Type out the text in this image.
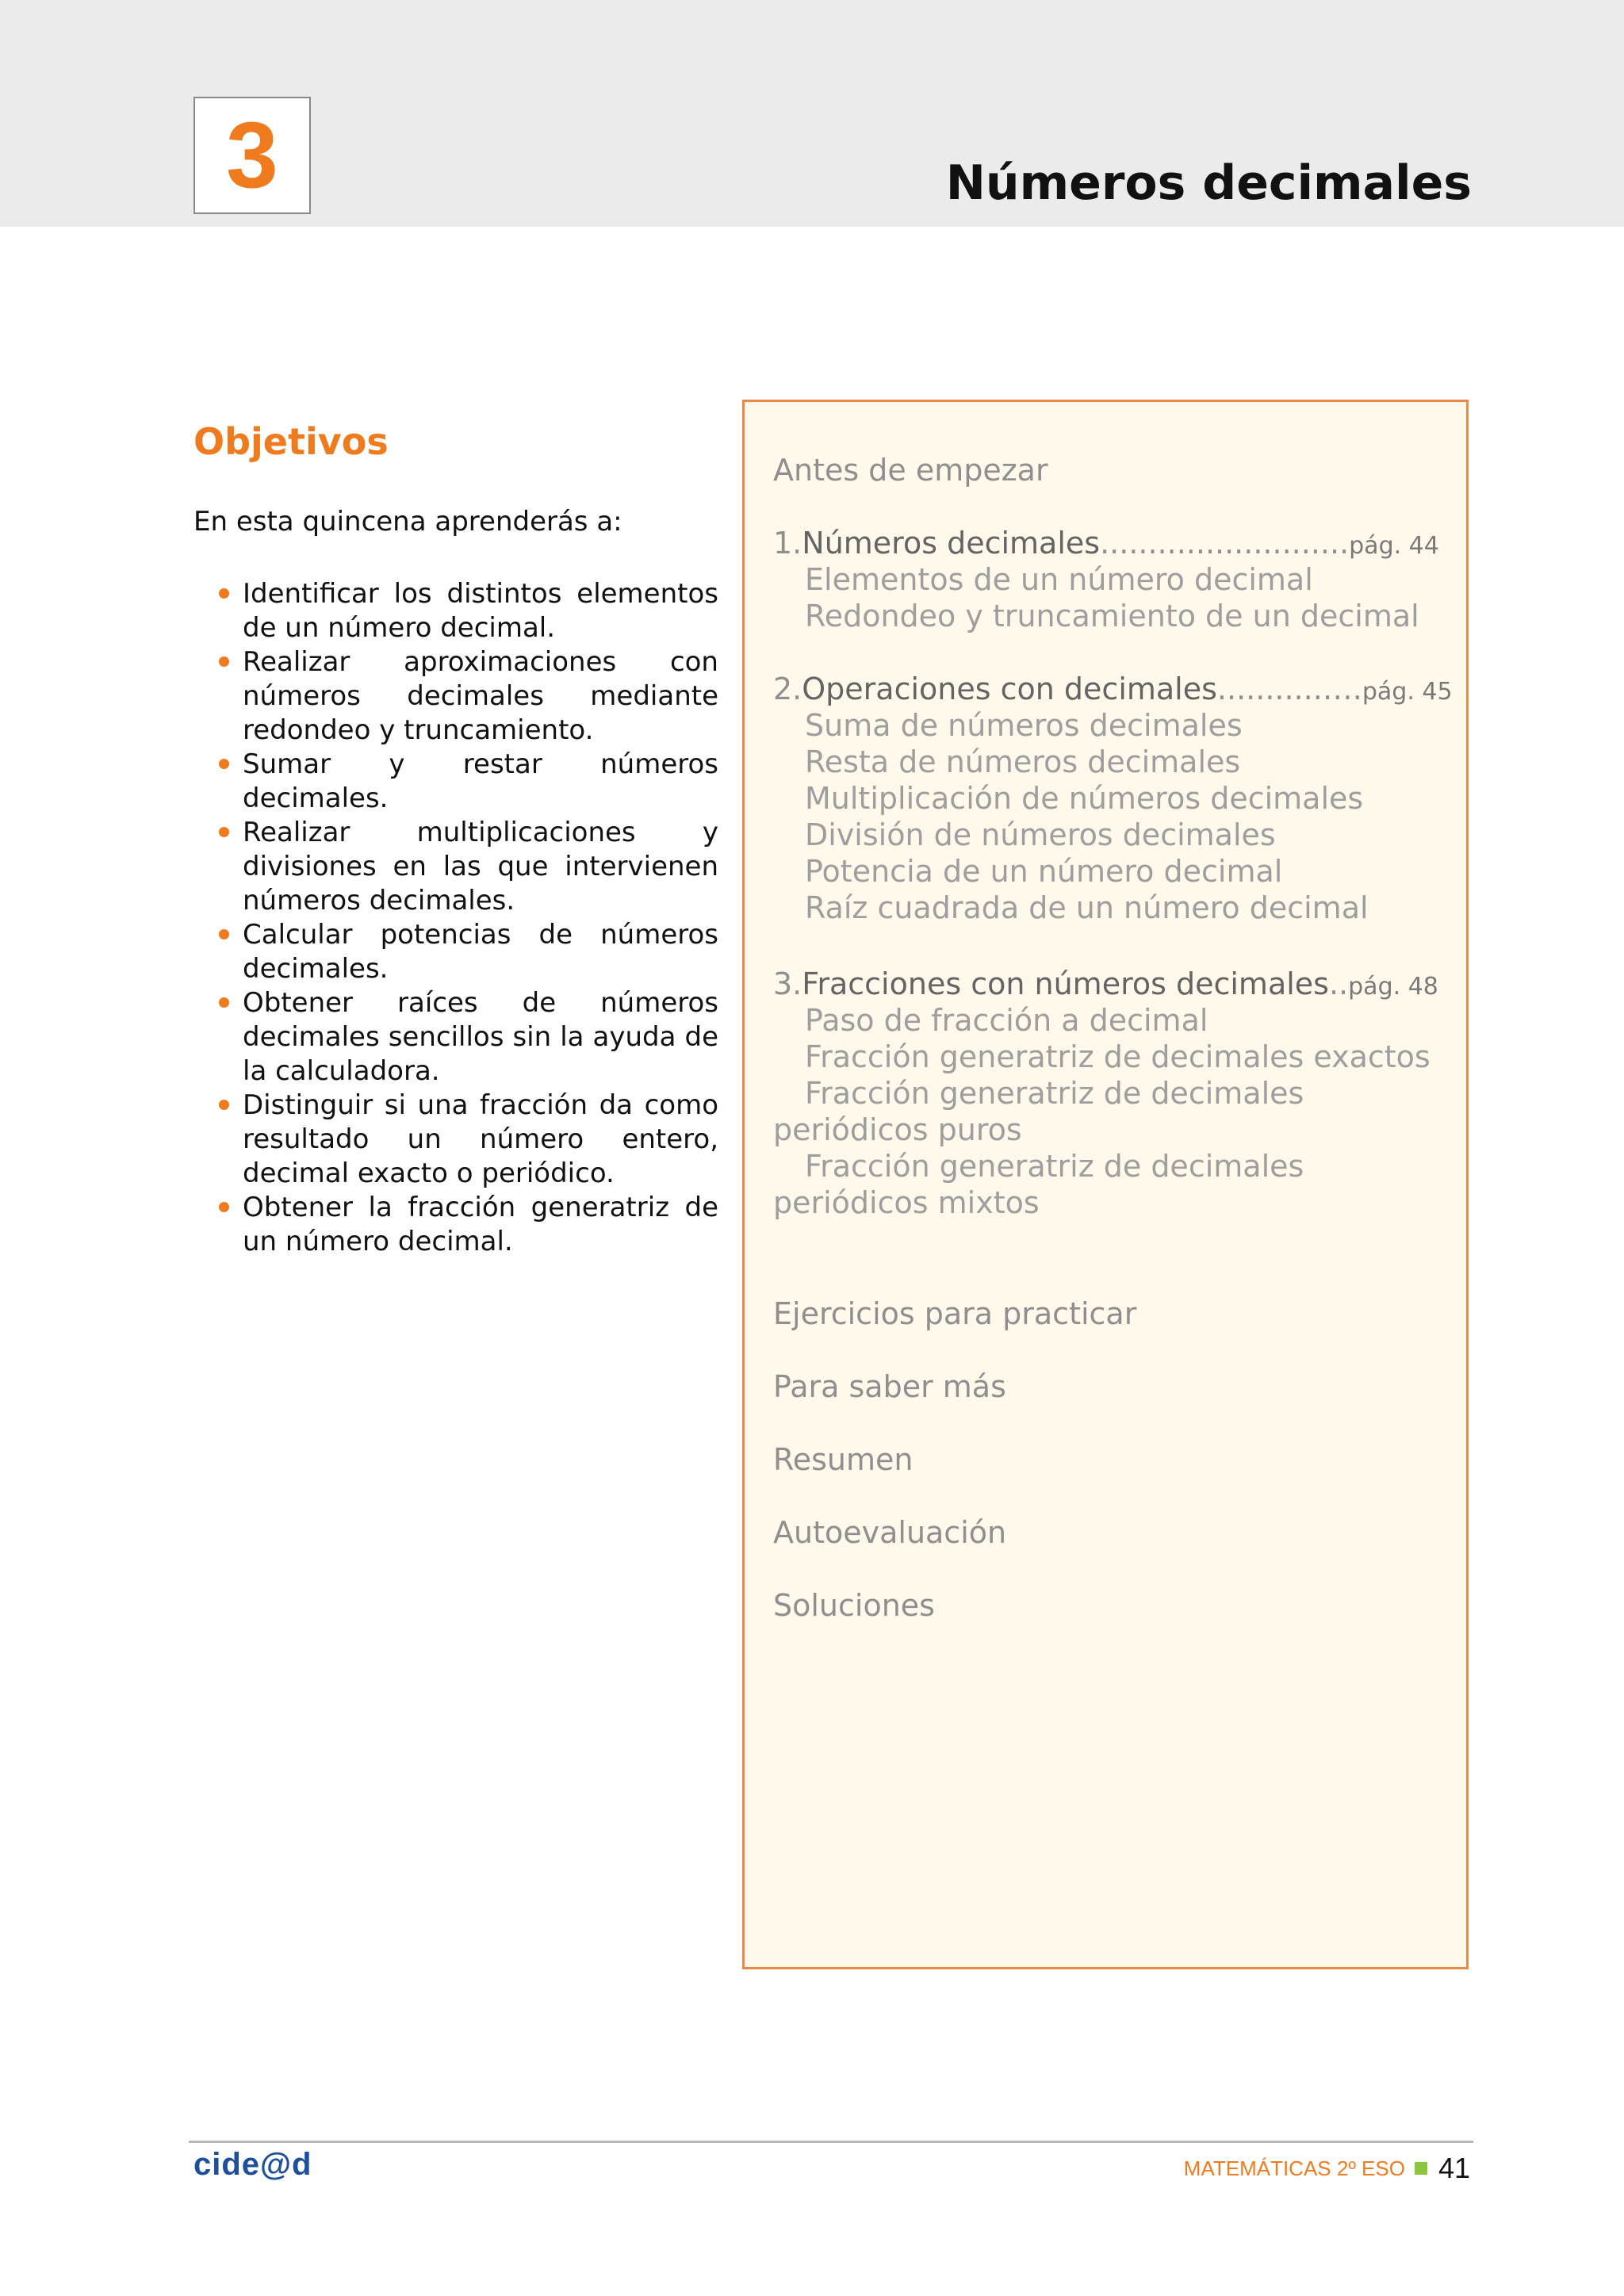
3	Números decimales
Objetivos
En esta quincena aprenderás a:
Identificar los distintos elementos de un número decimal.
Realizar aproximaciones con números decimales mediante redondeo y truncamiento.
Sumar y restar números decimales.
Realizar multiplicaciones y divisiones en las que intervienen números decimales.
Calcular potencias de números decimales.
Obtener raíces de números decimales sencillos sin la ayuda de la calculadora.
Distinguir si una fracción da como resultado un número entero, decimal exacto o periódico.
Obtener la fracción generatriz de un número decimal.
Antes de empezar
1.Números decimales..........................pág. 44
Elementos de un número decimal
Redondeo y truncamiento de un decimal
2.Operaciones con decimales...........….pág. 45
Suma de números decimales
Resta de números decimales
Multiplicación de números decimales
División de números decimales
Potencia de un número decimal
Raíz cuadrada de un número decimal
3.Fracciones con números decimales..pág. 48
Paso de fracción a decimal
Fracción generatriz de decimales exactos
Fracción generatriz de decimales
periódicos puros
Fracción generatriz de decimales
periódicos mixtos
Ejercicios para practicar
Para saber más
Resumen
Autoevaluación
Soluciones
cide@d	MATEMÁTICAS 2º ESO 41
